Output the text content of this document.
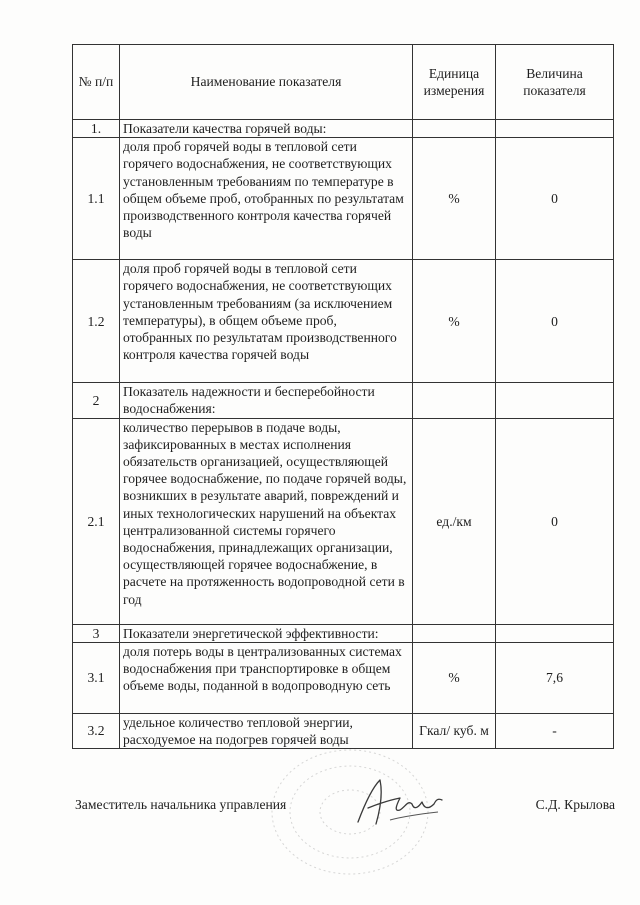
№ п/п	Наименование показателя	Единица измерения	Величина показателя
1.	Показатели качества горячей воды:		
1.1	доля проб горячей воды в тепловой сети горячего водоснабжения, не соответствующих установленным требованиям по температуре в общем объеме проб, отобранных по результатам производственного контроля качества горячей воды	%	0
1.2	доля проб горячей воды в тепловой сети горячего водоснабжения, не соответствующих установленным требованиям (за исключением температуры), в общем объеме проб, отобранных по результатам производственного контроля качества горячей воды	%	0
2	Показатель надежности и бесперебойности водоснабжения:		
2.1	количество перерывов в подаче воды, зафиксированных в местах исполнения обязательств организацией, осуществляющей горячее водоснабжение, по подаче горячей воды, возникших в результате аварий, повреждений и иных технологических нарушений на объектах централизованной системы горячего водоснабжения, принадлежащих организации, осуществляющей горячее водоснабжение, в расчете на протяженность водопроводной сети в год	ед./км	0
3	Показатели энергетической эффективности:		
3.1	доля потерь воды в централизованных системах водоснабжения при транспортировке в общем объеме воды, поданной в водопроводную сеть	%	7,6
3.2	удельное количество тепловой энергии, расходуемое на подогрев горячей воды	Гкал/ куб. м	-
Заместитель начальника управления	С.Д. Крылова
